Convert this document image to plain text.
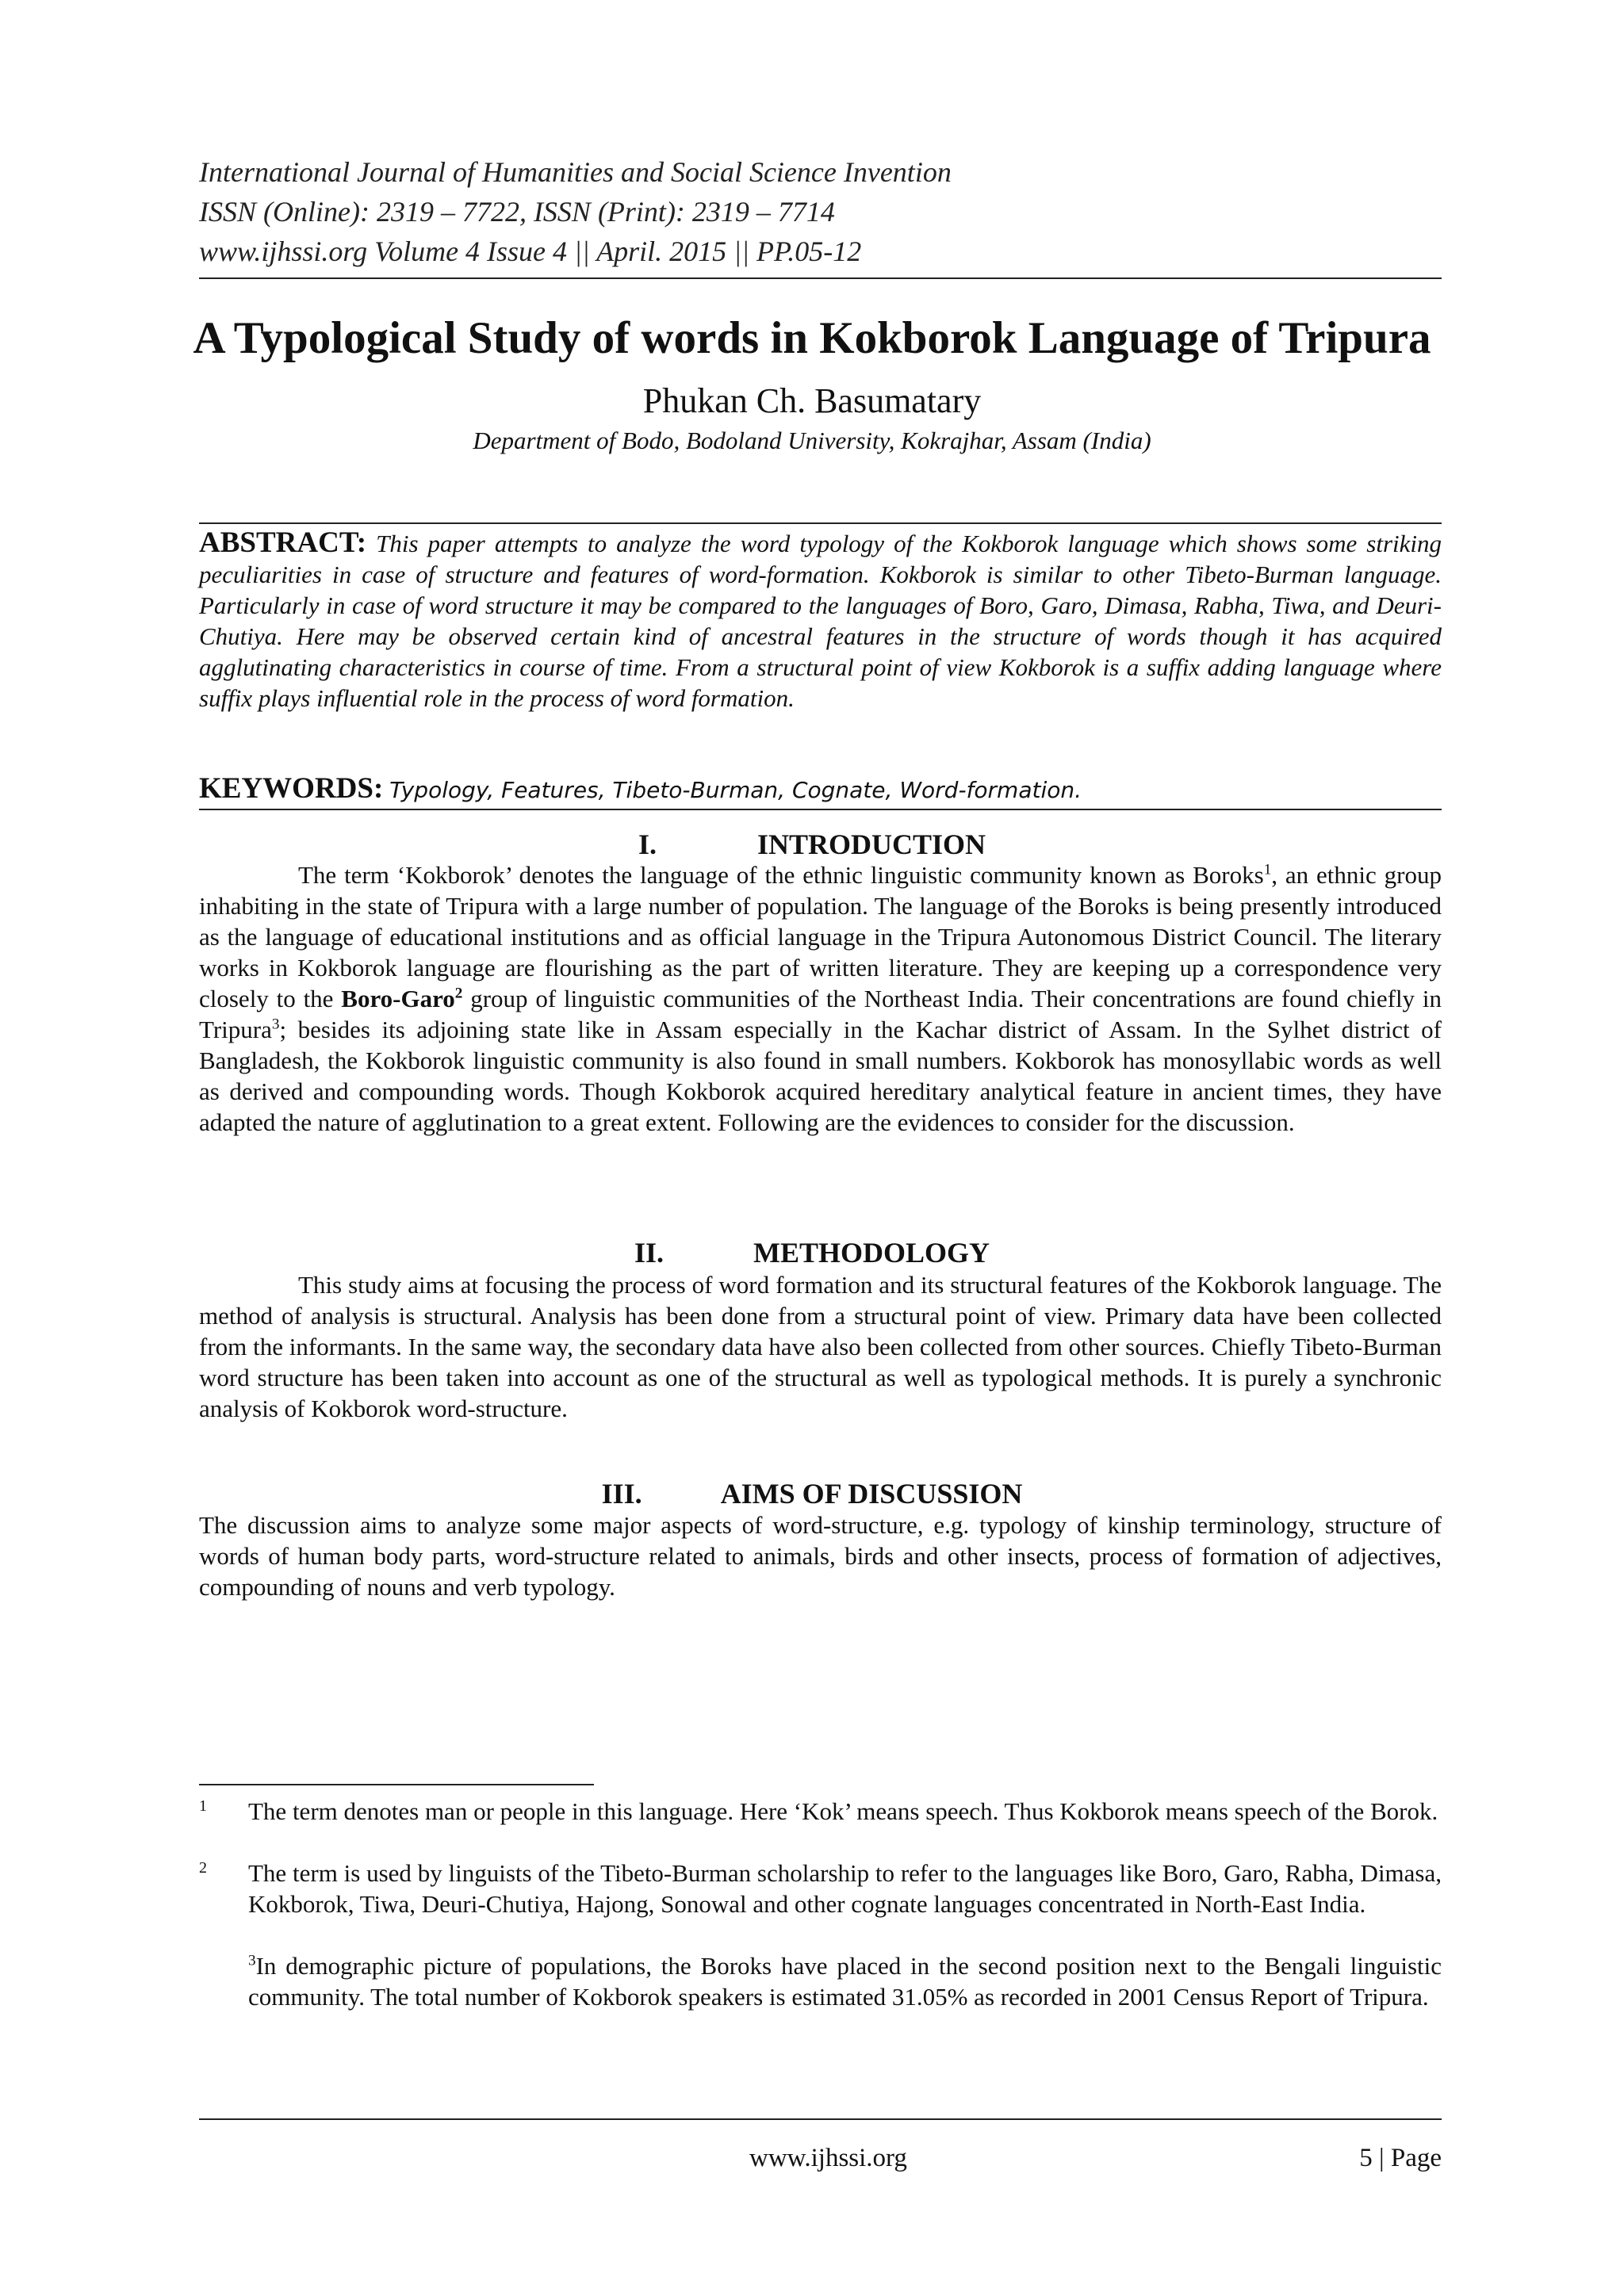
International Journal of Humanities and Social Science Invention
ISSN (Online): 2319 – 7722, ISSN (Print): 2319 – 7714
www.ijhssi.org Volume 4 Issue 4 || April. 2015 || PP.05-12
A Typological Study of words in Kokborok Language of Tripura
Phukan Ch. Basumatary
Department of Bodo, Bodoland University, Kokrajhar, Assam (India)

ABSTRACT: This paper attempts to analyze the word typology of the Kokborok language which shows some striking peculiarities in case of structure and features of word-formation. Kokborok is similar to other Tibeto-Burman language. Particularly in case of word structure it may be compared to the languages of Boro, Garo, Dimasa, Rabha, Tiwa, and Deuri-Chutiya. Here may be observed certain kind of ancestral features in the structure of words though it has acquired agglutinating characteristics in course of time. From a structural point of view Kokborok is a suffix adding language where suffix plays influential role in the process of word formation.

KEYWORDS: Typology, Features, Tibeto-Burman, Cognate, Word-formation.

I.	INTRODUCTION

The term ‘Kokborok’ denotes the language of the ethnic linguistic community known as Boroks$^1$, an ethnic group inhabiting in the state of Tripura with a large number of population. The language of the Boroks is being presently introduced as the language of educational institutions and as official language in the Tripura Autonomous District Council. The literary works in Kokborok language are flourishing as the part of written literature. They are keeping up a correspondence very closely to the Boro-Garo$^2$ group of linguistic communities of the Northeast India. Their concentrations are found chiefly in Tripura$^3$; besides its adjoining state like in Assam especially in the Kachar district of Assam. In the Sylhet district of Bangladesh, the Kokborok linguistic community is also found in small numbers. Kokborok has monosyllabic words as well as derived and compounding words. Though Kokborok acquired hereditary analytical feature in ancient times, they have adapted the nature of agglutination to a great extent. Following are the evidences to consider for the discussion.

II.	METHODOLOGY

This study aims at focusing the process of word formation and its structural features of the Kokborok language. The method of analysis is structural. Analysis has been done from a structural point of view. Primary data have been collected from the informants. In the same way, the secondary data have also been collected from other sources. Chiefly Tibeto-Burman word structure has been taken into account as one of the structural as well as typological methods. It is purely a synchronic analysis of Kokborok word-structure.

III.	AIMS OF DISCUSSION

The discussion aims to analyze some major aspects of word-structure, e.g. typology of kinship terminology, structure of words of human body parts, word-structure related to animals, birds and other insects, process of formation of adjectives, compounding of nouns and verb typology.

1 The term denotes man or people in this language. Here ‘Kok’ means speech. Thus Kokborok means speech of the Borok.
2 The term is used by linguists of the Tibeto-Burman scholarship to refer to the languages like Boro, Garo, Rabha, Dimasa, Kokborok, Tiwa, Deuri-Chutiya, Hajong, Sonowal and other cognate languages concentrated in North-East India.
$^3$In demographic picture of populations, the Boroks have placed in the second position next to the Bengali linguistic community. The total number of Kokborok speakers is estimated 31.05% as recorded in 2001 Census Report of Tripura.
www.ijhssi.org	5 | Page
